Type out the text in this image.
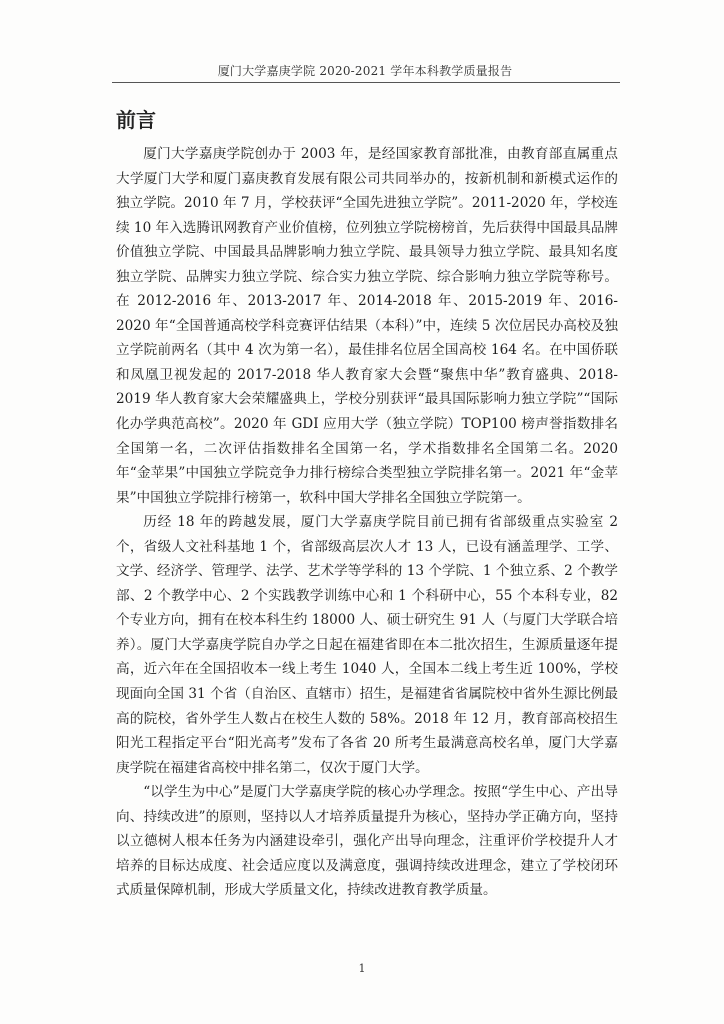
厦门大学嘉庚学院 2020-2021 学年本科教学质量报告
前言

厦门大学嘉庚学院创办于 2003 年，是经国家教育部批准，由教育部直属重点大学厦门大学和厦门嘉庚教育发展有限公司共同举办的，按新机制和新模式运作的独立学院。2010 年 7 月，学校获评“全国先进独立学院”。2011-2020 年，学校连续 10 年入选腾讯网教育产业价值榜，位列独立学院榜榜首，先后获得中国最具品牌价值独立学院、中国最具品牌影响力独立学院、最具领导力独立学院、最具知名度独立学院、品牌实力独立学院、综合实力独立学院、综合影响力独立学院等称号。在 2012-2016 年、2013-2017 年、2014-2018 年、2015-2019 年、2016-2020 年“全国普通高校学科竞赛评估结果（本科）”中，连续 5 次位居民办高校及独立学院前两名（其中 4 次为第一名），最佳排名位居全国高校 164 名。在中国侨联和凤凰卫视发起的 2017-2018 华人教育家大会暨“聚焦中华”教育盛典、2018-2019 华人教育家大会荣耀盛典上，学校分别获评“最具国际影响力独立学院”“国际化办学典范高校”。2020 年 GDI 应用大学（独立学院）TOP100 榜声誉指数排名全国第一名，二次评估指数排名全国第一名，学术指数排名全国第二名。2020 年“金苹果”中国独立学院竞争力排行榜综合类型独立学院排名第一。2021 年“金苹果”中国独立学院排行榜第一，软科中国大学排名全国独立学院第一。

历经 18 年的跨越发展，厦门大学嘉庚学院目前已拥有省部级重点实验室 2 个，省级人文社科基地 1 个，省部级高层次人才 13 人，已设有涵盖理学、工学、文学、经济学、管理学、法学、艺术学等学科的 13 个学院、1 个独立系、2 个教学部、2 个教学中心、2 个实践教学训练中心和 1 个科研中心，55 个本科专业，82 个专业方向，拥有在校本科生约 18000 人、硕士研究生 91 人（与厦门大学联合培养）。厦门大学嘉庚学院自办学之日起在福建省即在本二批次招生，生源质量逐年提高，近六年在全国招收本一线上考生 1040 人，全国本二线上考生近 100%，学校现面向全国 31 个省（自治区、直辖市）招生，是福建省省属院校中省外生源比例最高的院校，省外学生人数占在校生人数的 58%。2018 年 12 月，教育部高校招生阳光工程指定平台“阳光高考”发布了各省 20 所考生最满意高校名单，厦门大学嘉庚学院在福建省高校中排名第二，仅次于厦门大学。

“以学生为中心”是厦门大学嘉庚学院的核心办学理念。按照“学生中心、产出导向、持续改进”的原则，坚持以人才培养质量提升为核心，坚持办学正确方向，坚持以立德树人根本任务为内涵建设牵引，强化产出导向理念，注重评价学校提升人才培养的目标达成度、社会适应度以及满意度，强调持续改进理念，建立了学校闭环式质量保障机制，形成大学质量文化，持续改进教育教学质量。

1
